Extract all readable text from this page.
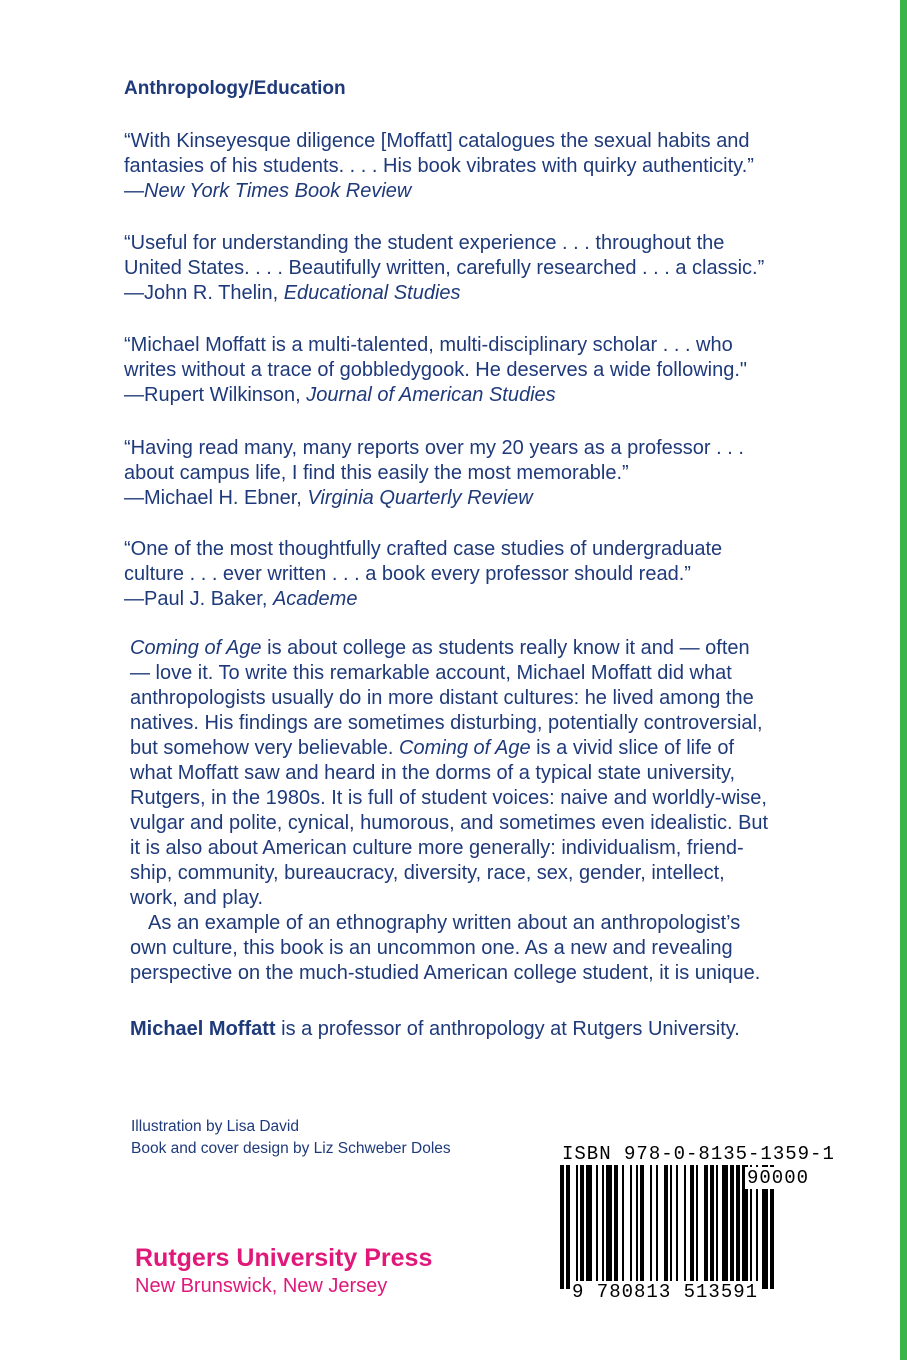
Anthropology/Education

“With Kinseyesque diligence [Moffatt] catalogues the sexual habits and

fantasies of his students. . . . His book vibrates with quirky authenticity.”

—New York Times Book Review

“Useful for understanding the student experience . . . throughout the

United States. . . . Beautifully written, carefully researched . . . a classic.”

—John R. Thelin, Educational Studies

“Michael Moffatt is a multi-talented, multi-disciplinary scholar . . . who

writes without a trace of gobbledygook. He deserves a wide following."

—Rupert Wilkinson, Journal of American Studies

“Having read many, many reports over my 20 years as a professor . . .

about campus life, I find this easily the most memorable.”

—Michael H. Ebner, Virginia Quarterly Review

“One of the most thoughtfully crafted case studies of undergraduate

culture . . . ever written . . . a book every professor should read.”

—Paul J. Baker, Academe

Coming of Age is about college as students really know it and — often

— love it. To write this remarkable account, Michael Moffatt did what

anthropologists usually do in more distant cultures: he lived among the

natives. His findings are sometimes disturbing, potentially controversial,

but somehow very believable. Coming of Age is a vivid slice of life of

what Moffatt saw and heard in the dorms of a typical state university,

Rutgers, in the 1980s. It is full of student voices: naive and worldly-wise,

vulgar and polite, cynical, humorous, and sometimes even idealistic. But

it is also about American culture more generally: individualism, friend-

ship, community, bureaucracy, diversity, race, sex, gender, intellect,

work, and play.

As an example of an ethnography written about an anthropologist’s

own culture, this book is an uncommon one. As a new and revealing

perspective on the much-studied American college student, it is unique.

Michael Moffatt is a professor of anthropology at Rutgers University.
Illustration by Lisa David
Book and cover design by Liz Schweber Doles
Rutgers University Press
New Brunswick, New Jersey
ISBN 978-0-8135-1359-1
90000
9 780813 513591
